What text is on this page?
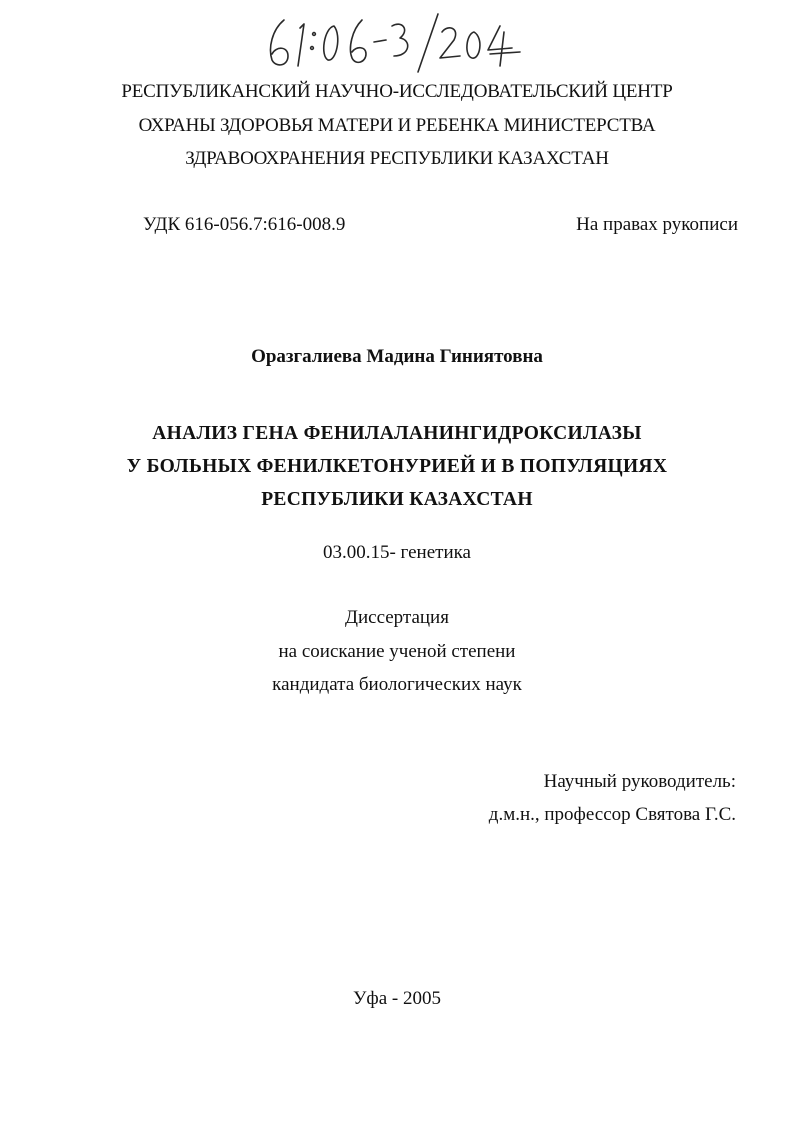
РЕСПУБЛИКАНСКИЙ НАУЧНО-ИССЛЕДОВАТЕЛЬСКИЙ ЦЕНТР
ОХРАНЫ ЗДОРОВЬЯ МАТЕРИ И РЕБЕНКА МИНИСТЕРСТВА
ЗДРАВООХРАНЕНИЯ РЕСПУБЛИКИ КАЗАХСТАН
УДК 616-056.7:616-008.9	На правах рукописи
Оразгалиева Мадина Гиниятовна
АНАЛИЗ ГЕНА ФЕНИЛАЛАНИНГИДРОКСИЛАЗЫ
У БОЛЬНЫХ ФЕНИЛКЕТОНУРИЕЙ И В ПОПУЛЯЦИЯХ
РЕСПУБЛИКИ КАЗАХСТАН
03.00.15- генетика
Диссертация
на соискание ученой степени
кандидата биологических наук
Научный руководитель:
д.м.н., профессор Святова Г.С.
Уфа - 2005
